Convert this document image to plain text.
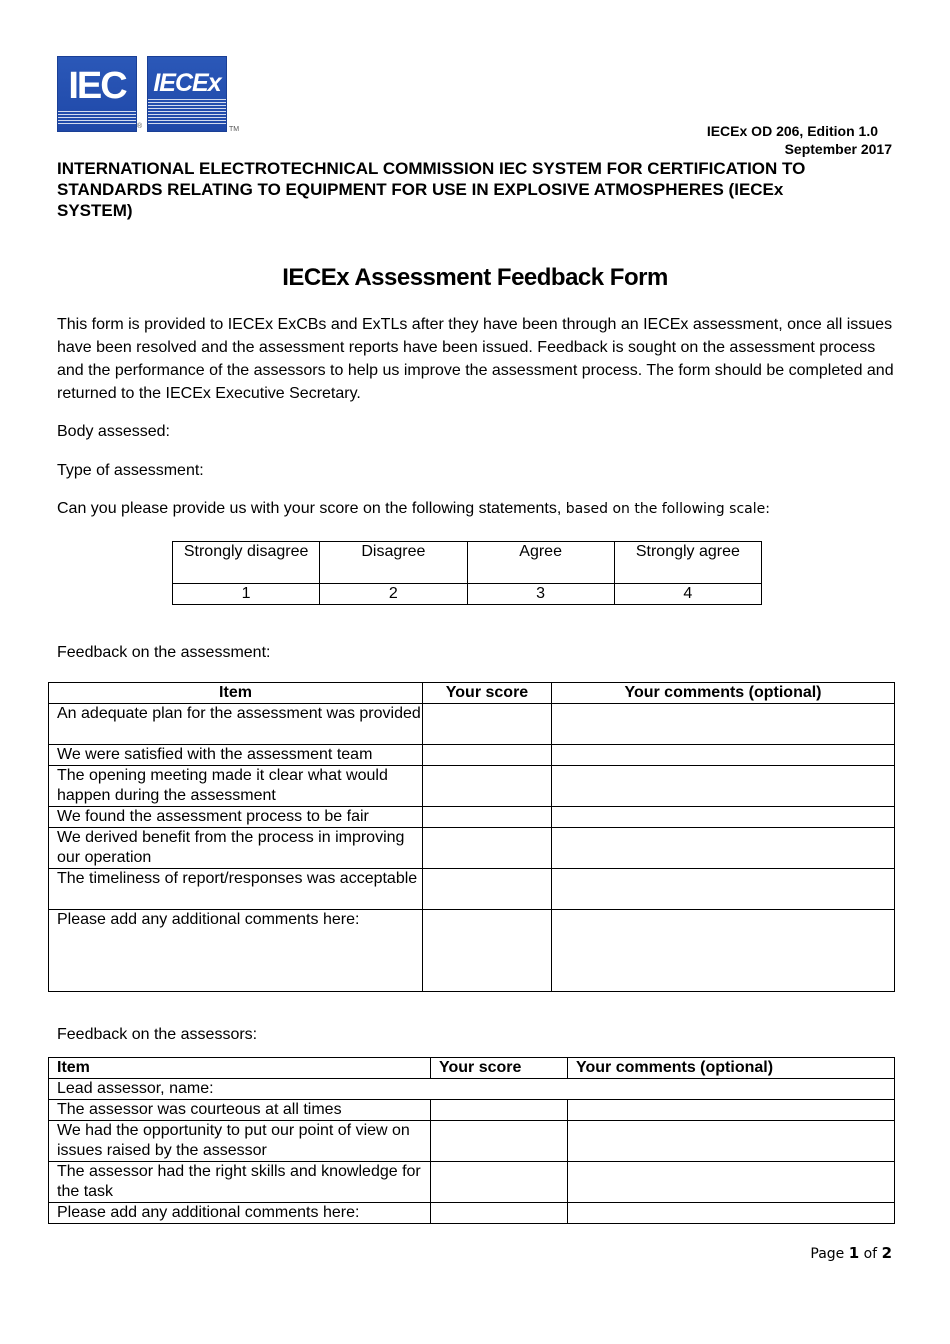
IEC
®
IECEx
TM	IECEx OD 206, Edition 1.0
September 2017
INTERNATIONAL ELECTROTECHNICAL COMMISSION IEC SYSTEM FOR CERTIFICATION TO STANDARDS RELATING TO EQUIPMENT FOR USE IN EXPLOSIVE ATMOSPHERES (IECEx SYSTEM)
IECEx Assessment Feedback Form
This form is provided to IECEx ExCBs and ExTLs after they have been through an IECEx assessment, once all issues have been resolved and the assessment reports have been issued. Feedback is sought on the assessment process and the performance of the assessors to help us improve the assessment process. The form should be completed and returned to the IECEx Executive Secretary.
Body assessed:
Type of assessment:
Can you please provide us with your score on the following statements, based on the following scale:
Strongly disagree	Disagree	Agree	Strongly agree
1	2	3	4
Feedback on the assessment:
Item	Your score	Your comments (optional)
An adequate plan for the assessment was provided		
We were satisfied with the assessment team		
The opening meeting made it clear what would happen during the assessment		
We found the assessment process to be fair		
We derived benefit from the process in improving our operation		
The timeliness of report/responses was acceptable		
Please add any additional comments here:		
Feedback on the assessors:
Item	Your score	Your comments (optional)
Lead assessor, name:		
The assessor was courteous at all times		
We had the opportunity to put our point of view on issues raised by the assessor		
The assessor had the right skills and knowledge for the task		
Please add any additional comments here:		
Page 1 of 2
